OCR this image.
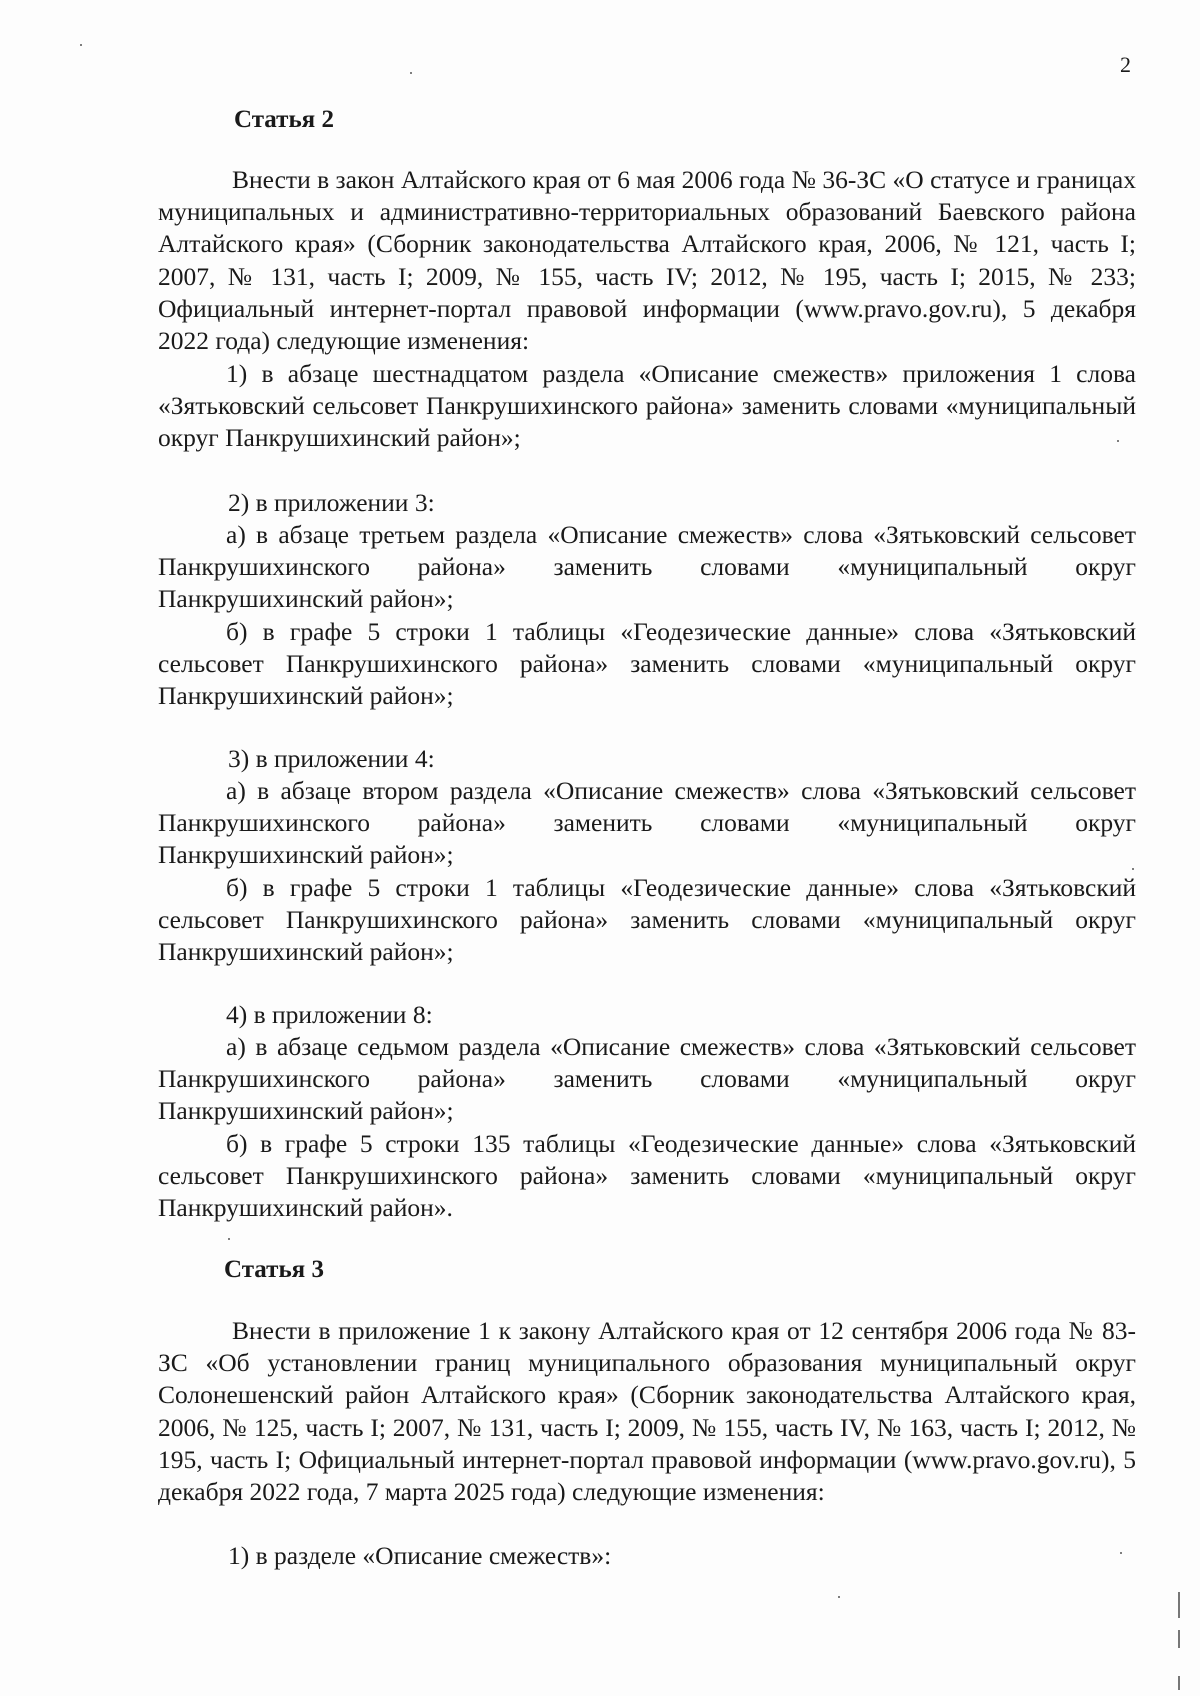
2
Статья 2
Внести в закон Алтайского края от 6 мая 2006 года № 36-ЗС «О статусе и границах муниципальных и административно-территориальных образований Баевского района Алтайского края» (Сборник законодательства Алтайского края, 2006, № 121, часть I; 2007, № 131, часть I; 2009, № 155, часть IV; 2012, № 195, часть I; 2015, № 233; Официальный интернет-портал правовой информации (www.pravo.gov.ru), 5 декабря 2022 года) следующие изменения:
1) в абзаце шестнадцатом раздела «Описание смежеств» приложения 1 слова «Зятьковский сельсовет Панкрушихинского района» заменить словами «муниципальный округ Панкрушихинский район»;
2) в приложении 3:
а) в абзаце третьем раздела «Описание смежеств» слова «Зятьковский сельсовет Панкрушихинского района» заменить словами «муниципальный округ Панкрушихинский район»;
б) в графе 5 строки 1 таблицы «Геодезические данные» слова «Зятьковский сельсовет Панкрушихинского района» заменить словами «муниципальный округ Панкрушихинский район»;
3) в приложении 4:
а) в абзаце втором раздела «Описание смежеств» слова «Зятьковский сельсовет Панкрушихинского района» заменить словами «муниципальный округ Панкрушихинский район»;
б) в графе 5 строки 1 таблицы «Геодезические данные» слова «Зятьковский сельсовет Панкрушихинского района» заменить словами «муниципальный округ Панкрушихинский район»;
4) в приложении 8:
а) в абзаце седьмом раздела «Описание смежеств» слова «Зятьковский сельсовет Панкрушихинского района» заменить словами «муниципальный округ Панкрушихинский район»;
б) в графе 5 строки 135 таблицы «Геодезические данные» слова «Зятьковский сельсовет Панкрушихинского района» заменить словами «муниципальный округ Панкрушихинский район».
Статья 3
Внести в приложение 1 к закону Алтайского края от 12 сентября 2006 года № 83-ЗС «Об установлении границ муниципального образования муниципальный округ Солонешенский район Алтайского края» (Сборник законодательства Алтайского края, 2006, № 125, часть I; 2007, № 131, часть I; 2009, № 155, часть IV, № 163, часть I; 2012, № 195, часть I; Официальный интернет-портал правовой информации (www.pravo.gov.ru), 5 декабря 2022 года, 7 марта 2025 года) следующие изменения:
1) в разделе «Описание смежеств»:
